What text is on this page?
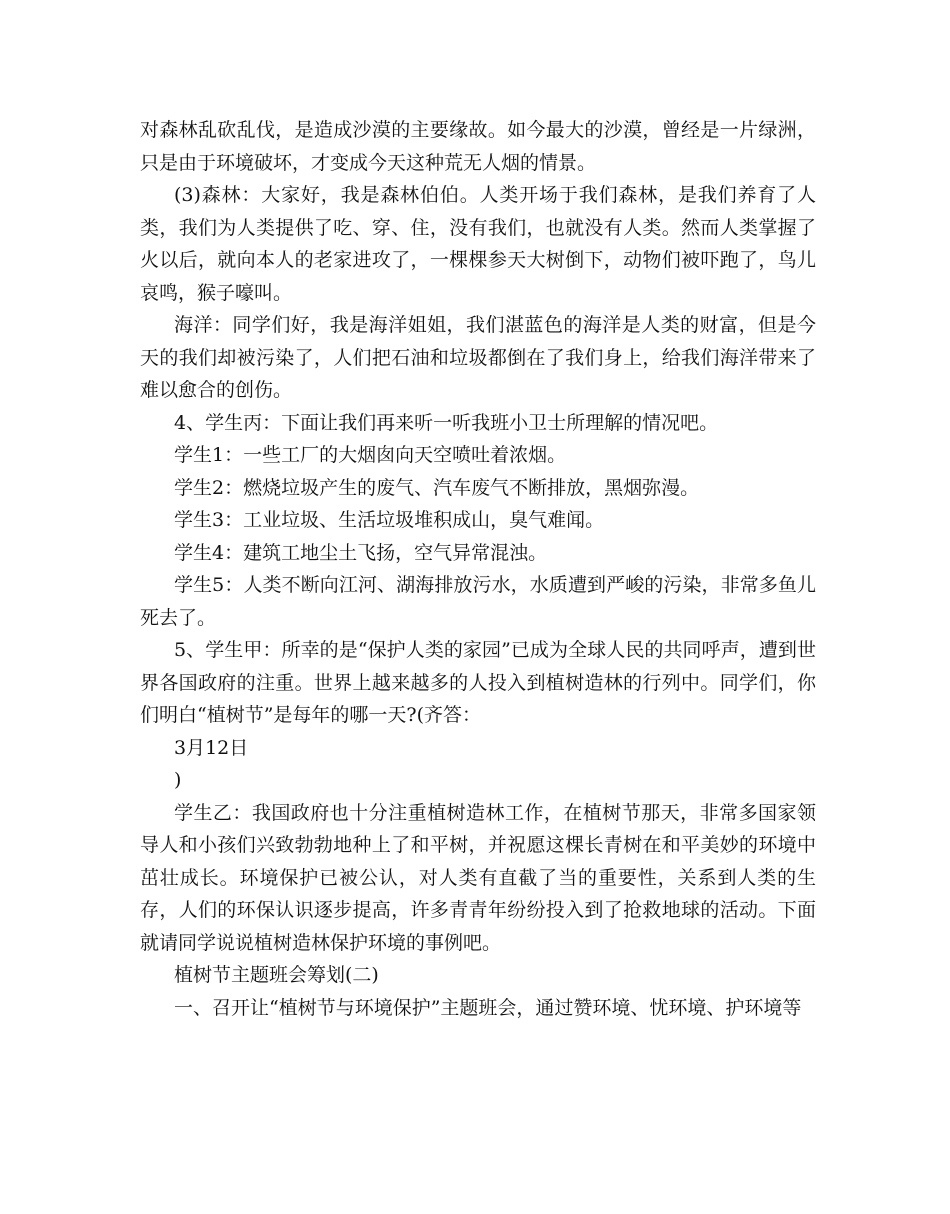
对森林乱砍乱伐，是造成沙漠的主要缘故。如今最大的沙漠，曾经是一片绿洲，只是由于环境破坏，才变成今天这种荒无人烟的情景。

(3)森林：大家好，我是森林伯伯。人类开场于我们森林，是我们养育了人类，我们为人类提供了吃、穿、住，没有我们，也就没有人类。然而人类掌握了火以后，就向本人的老家进攻了，一棵棵参天大树倒下，动物们被吓跑了，鸟儿哀鸣，猴子嚎叫。

海洋：同学们好，我是海洋姐姐，我们湛蓝色的海洋是人类的财富，但是今天的我们却被污染了，人们把石油和垃圾都倒在了我们身上，给我们海洋带来了难以愈合的创伤。

4、学生丙：下面让我们再来听一听我班小卫士所理解的情况吧。

学生1：一些工厂的大烟囱向天空喷吐着浓烟。

学生2：燃烧垃圾产生的废气、汽车废气不断排放，黑烟弥漫。

学生3：工业垃圾、生活垃圾堆积成山，臭气难闻。

学生4：建筑工地尘土飞扬，空气异常混浊。

学生5：人类不断向江河、湖海排放污水，水质遭到严峻的污染，非常多鱼儿死去了。

5、学生甲：所幸的是“保护人类的家园”已成为全球人民的共同呼声，遭到世界各国政府的注重。世界上越来越多的人投入到植树造林的行列中。同学们，你们明白“植树节”是每年的哪一天?(齐答：

3月12日

)

学生乙：我国政府也十分注重植树造林工作，在植树节那天，非常多国家领导人和小孩们兴致勃勃地种上了和平树，并祝愿这棵长青树在和平美妙的环境中茁壮成长。环境保护已被公认，对人类有直截了当的重要性，关系到人类的生存，人们的环保认识逐步提高，许多青青年纷纷投入到了抢救地球的活动。下面就请同学说说植树造林保护环境的事例吧。

植树节主题班会筹划(二)

一、召开让“植树节与环境保护”主题班会，通过赞环境、忧环境、护环境等
